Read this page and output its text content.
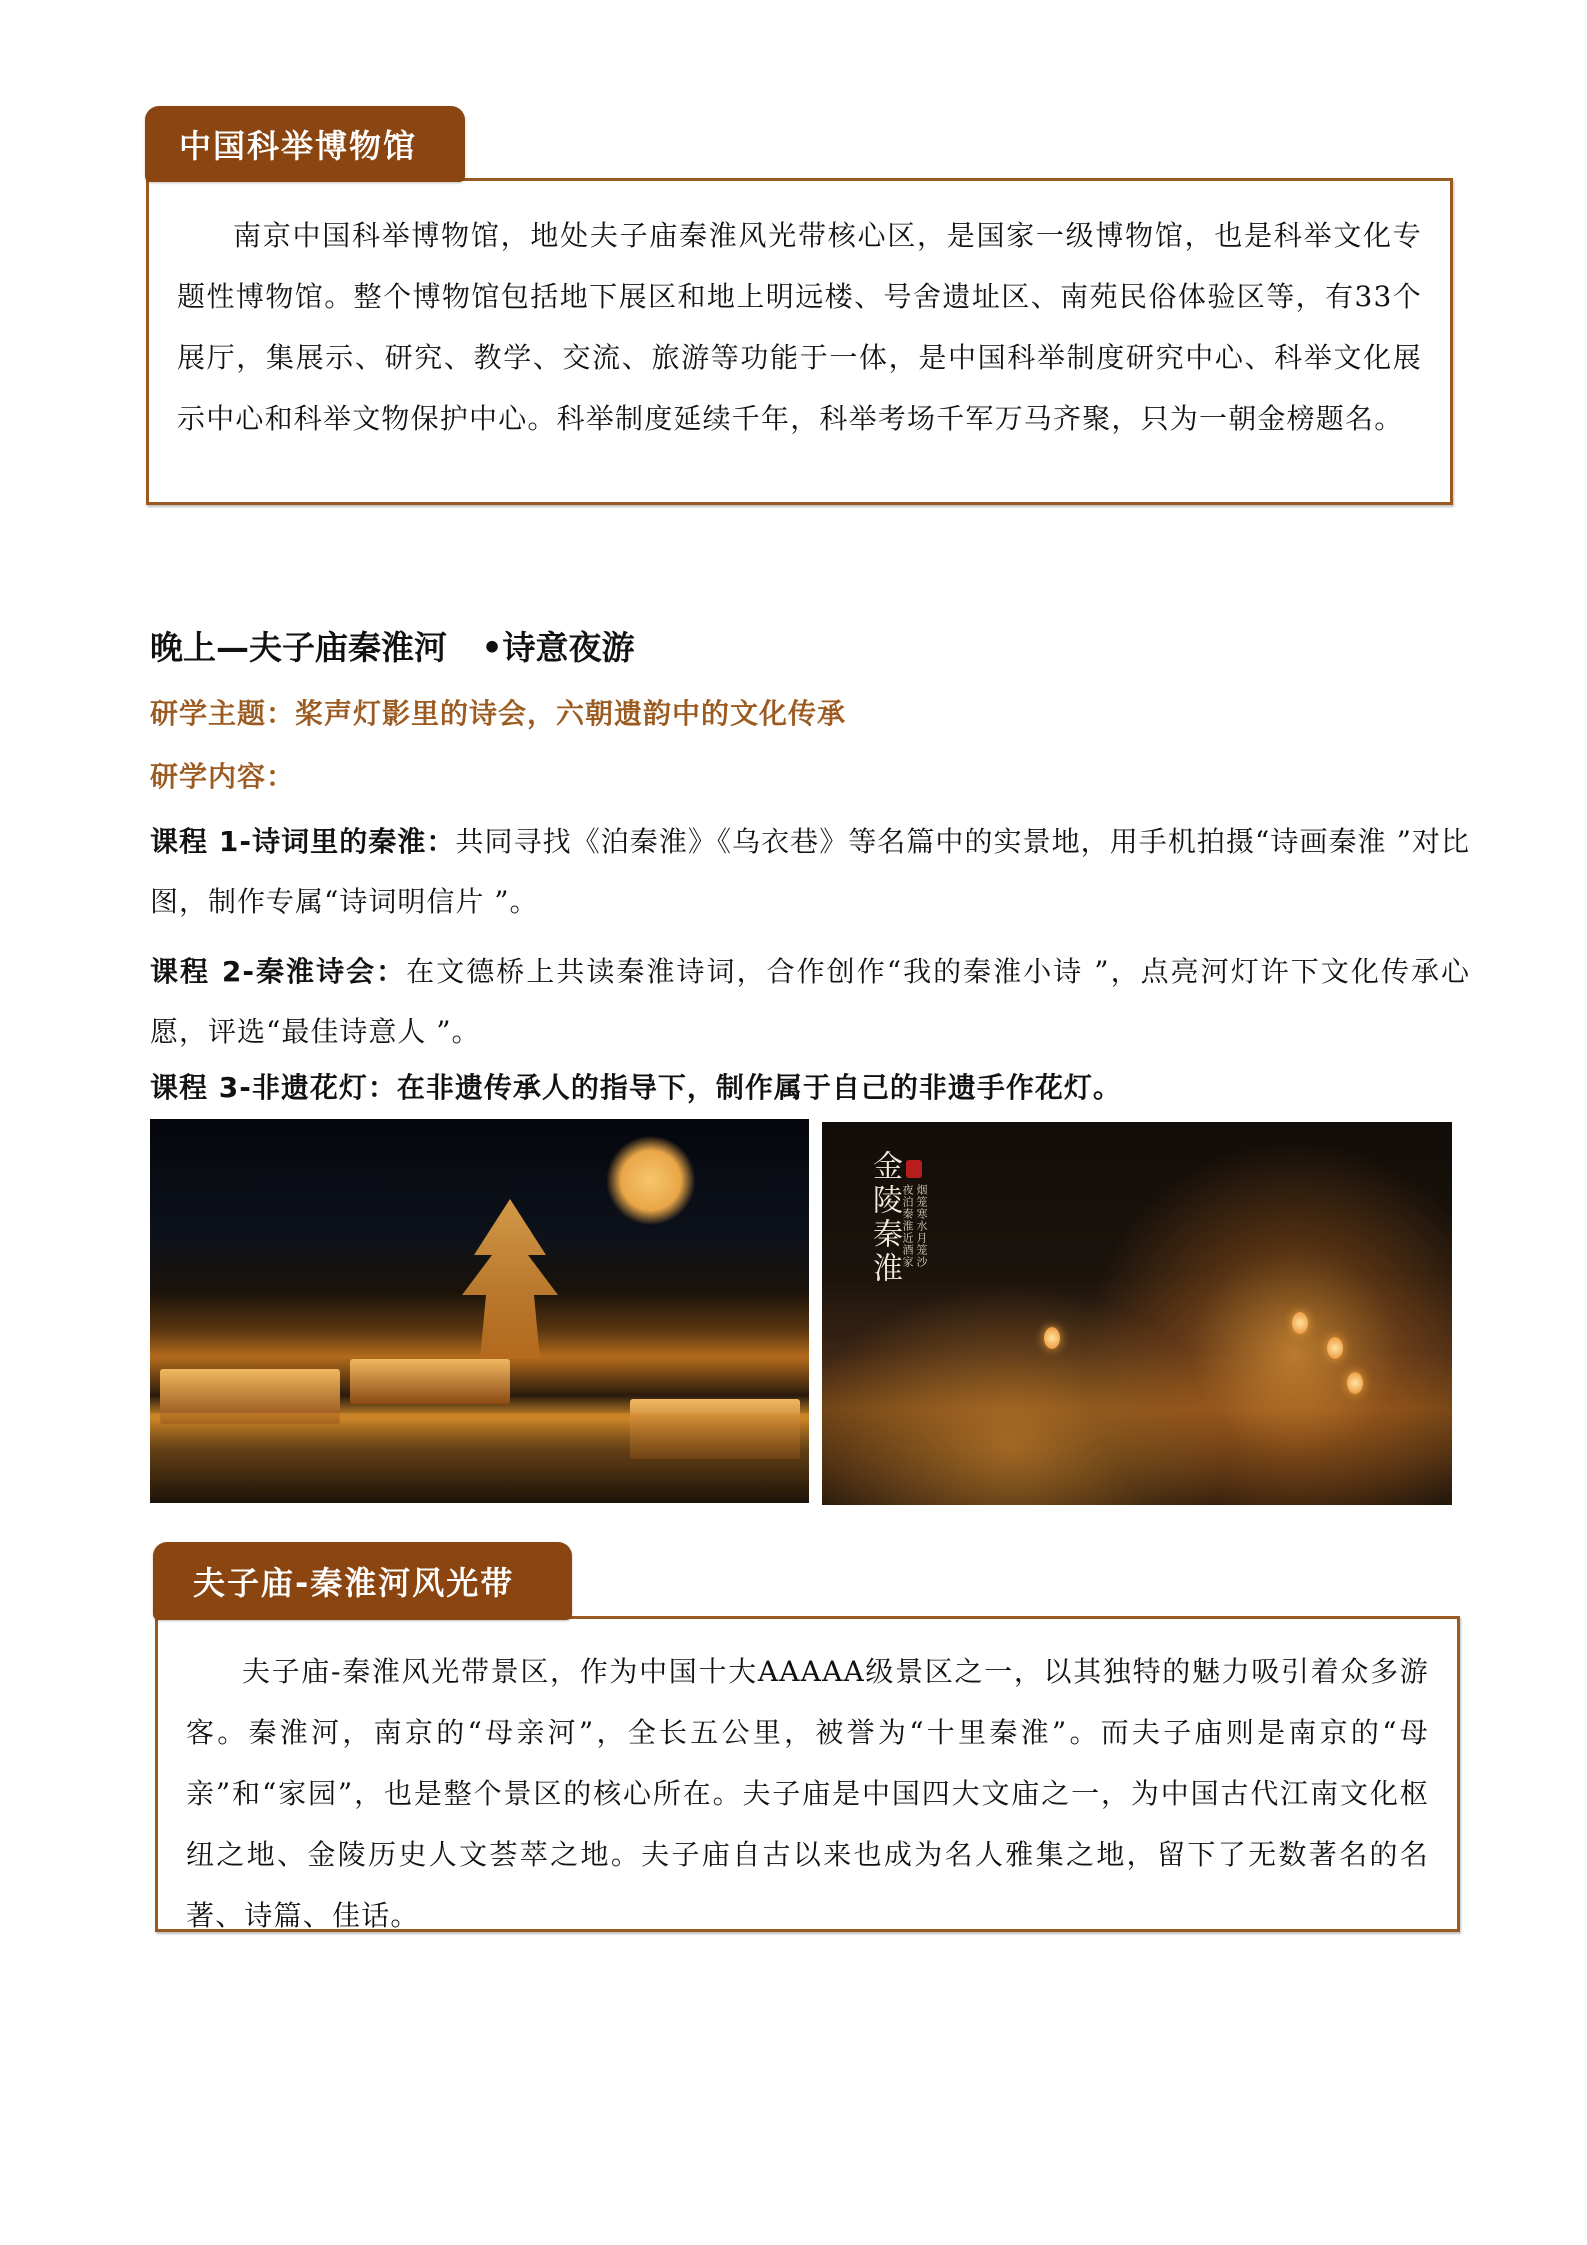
中国科举博物馆

南京中国科举博物馆，地处夫子庙秦淮风光带核心区，是国家一级博物馆，也是科举文化专题性博物馆。整个博物馆包括地下展区和地上明远楼、号舍遗址区、南苑民俗体验区等，有33个展厅，集展示、研究、教学、交流、旅游等功能于一体，是中国科举制度研究中心、科举文化展示中心和科举文物保护中心。科举制度延续千年，科举考场千军万马齐聚，只为一朝金榜题名。

晚上—夫子庙秦淮河   •诗意夜游
研学主题：桨声灯影里的诗会，六朝遗韵中的文化传承
研学内容：
课程 1-诗词里的秦淮：共同寻找《泊秦淮》《乌衣巷》等名篇中的实景地，用手机拍摄“诗画秦淮 ”对比图，制作专属“诗词明信片 ”。
课程 2-秦淮诗会：在文德桥上共读秦淮诗词，合作创作“我的秦淮小诗 ”，点亮河灯许下文化传承心愿，评选“最佳诗意人 ”。
课程 3-非遗花灯：在非遗传承人的指导下，制作属于自己的非遗手作花灯。
金陵秦淮	烟笼寒水月笼沙 夜泊秦淮近酒家
夫子庙-秦淮河风光带

夫子庙-秦淮风光带景区，作为中国十大AAAAA级景区之一，以其独特的魅力吸引着众多游客。秦淮河，南京的“母亲河”，全长五公里，被誉为“十里秦淮”。而夫子庙则是南京的“母亲”和“家园”，也是整个景区的核心所在。夫子庙是中国四大文庙之一，为中国古代江南文化枢纽之地、金陵历史人文荟萃之地。夫子庙自古以来也成为名人雅集之地，留下了无数著名的名著、诗篇、佳话。
